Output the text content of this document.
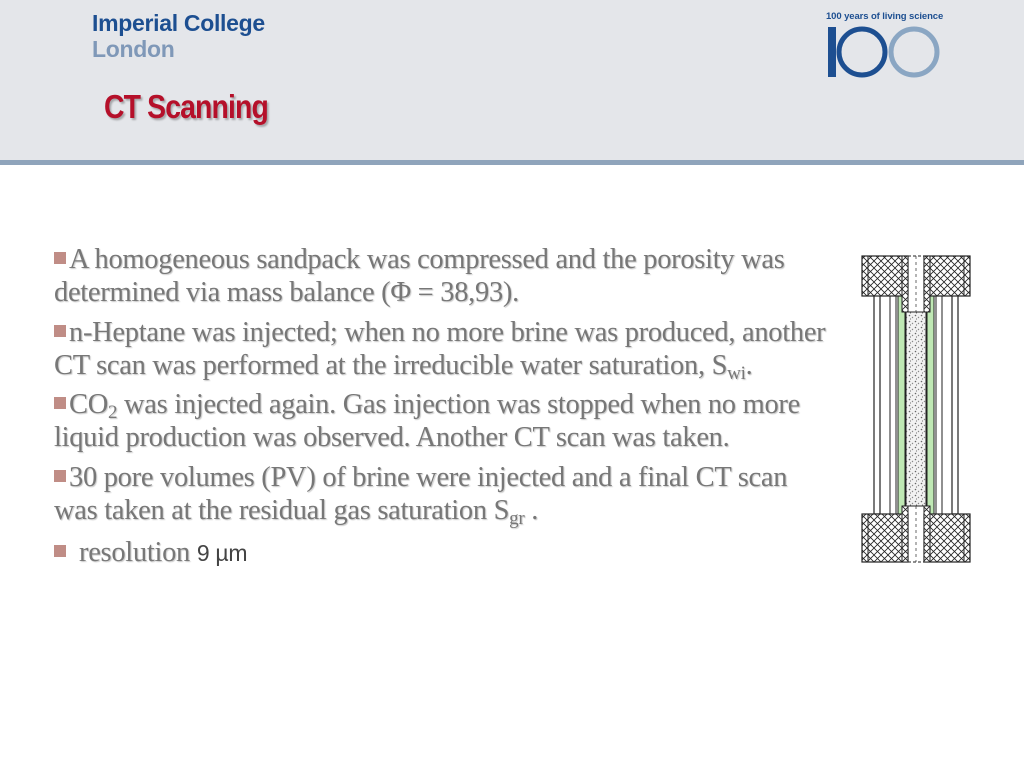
Imperial College
London
100 years of living science
CT Scanning
A homogeneous sandpack was compressed and the porosity was determined via mass balance (Φ = 38,93).
n-Heptane was injected; when no more brine was produced, another CT scan was performed at the irreducible water saturation, $S_{wi}$.
$CO_2$ was injected again. Gas injection was stopped when no more liquid production was observed. Another CT scan was taken.
30 pore volumes (PV) of brine were injected and a final CT scan was taken at the residual gas saturation $S_{gr}$ .
resolution 9 µm
